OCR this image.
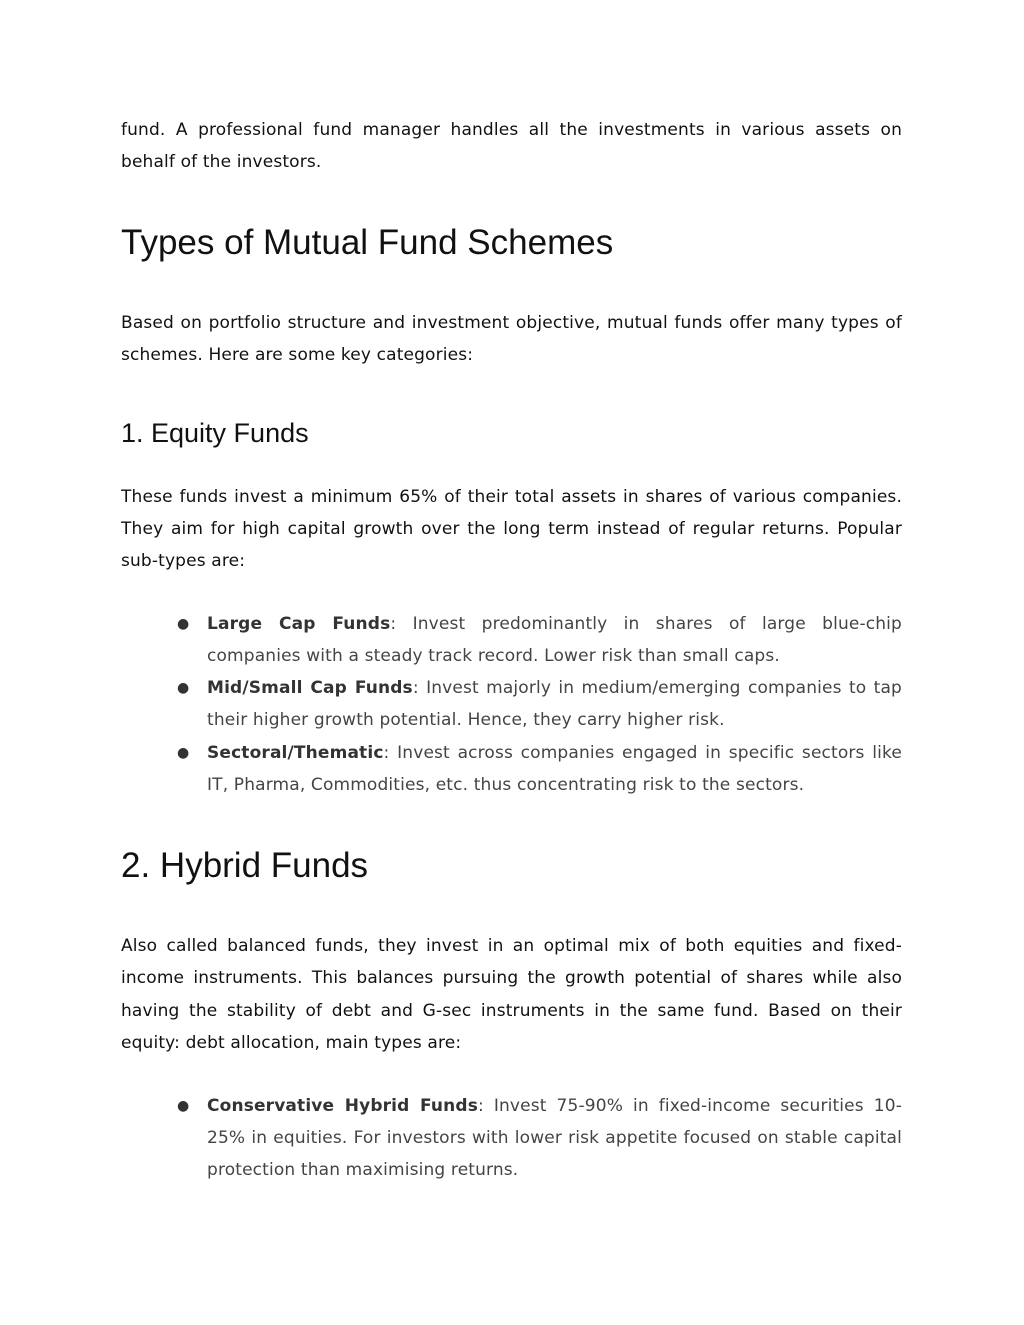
fund. A professional fund manager handles all the investments in various assets on behalf of the investors.

Types of Mutual Fund Schemes

Based on portfolio structure and investment objective, mutual funds offer many types of schemes. Here are some key categories:

1. Equity Funds

These funds invest a minimum 65% of their total assets in shares of various companies. They aim for high capital growth over the long term instead of regular returns. Popular sub-types are:

● Large Cap Funds: Invest predominantly in shares of large blue-chip companies with a steady track record. Lower risk than small caps.
● Mid/Small Cap Funds: Invest majorly in medium/emerging companies to tap their higher growth potential. Hence, they carry higher risk.
● Sectoral/Thematic: Invest across companies engaged in specific sectors like IT, Pharma, Commodities, etc. thus concentrating risk to the sectors.
2. Hybrid Funds

Also called balanced funds, they invest in an optimal mix of both equities and fixed-income instruments. This balances pursuing the growth potential of shares while also having the stability of debt and G-sec instruments in the same fund. Based on their equity: debt allocation, main types are:

● Conservative Hybrid Funds: Invest 75-90% in fixed-income securities 10-25% in equities. For investors with lower risk appetite focused on stable capital protection than maximising returns.
